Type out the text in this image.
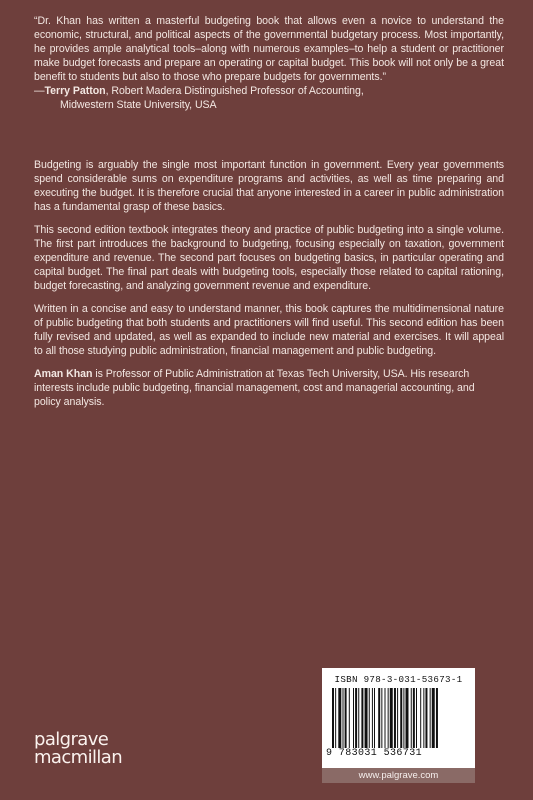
“Dr. Khan has written a masterful budgeting book that allows even a novice to understand the economic, structural, and political aspects of the governmental budgetary process. Most importantly, he provides ample analytical tools–along with numerous examples–to help a student or practitioner make budget forecasts and prepare an operating or capital budget. This book will not only be a great benefit to students but also to those who prepare budgets for governments.”

—Terry Patton, Robert Madera Distinguished Professor of Accounting,
Midwestern State University, USA

Budgeting is arguably the single most important function in government. Every year governments spend considerable sums on expenditure programs and activities, as well as time preparing and executing the budget. It is therefore crucial that anyone interested in a career in public administration has a fundamental grasp of these basics.

This second edition textbook integrates theory and practice of public budgeting into a single volume. The first part introduces the background to budgeting, focusing especially on taxation, government expenditure and revenue. The second part focuses on budgeting basics, in particular operating and capital budget. The final part deals with budgeting tools, especially those related to capital rationing, budget forecasting, and analyzing government revenue and expenditure.

Written in a concise and easy to understand manner, this book captures the multidimensional nature of public budgeting that both students and practitioners will find useful. This second edition has been fully revised and updated, as well as expanded to include new material and exercises. It will appeal to all those studying public administration, financial management and public budgeting.

Aman Khan is Professor of Public Administration at Texas Tech University, USA. His research interests include public budgeting, financial management, cost and managerial accounting, and policy analysis.

palgrave
macmillan
ISBN 978-3-031-53673-1
9 783031 536731
www.palgrave.com
